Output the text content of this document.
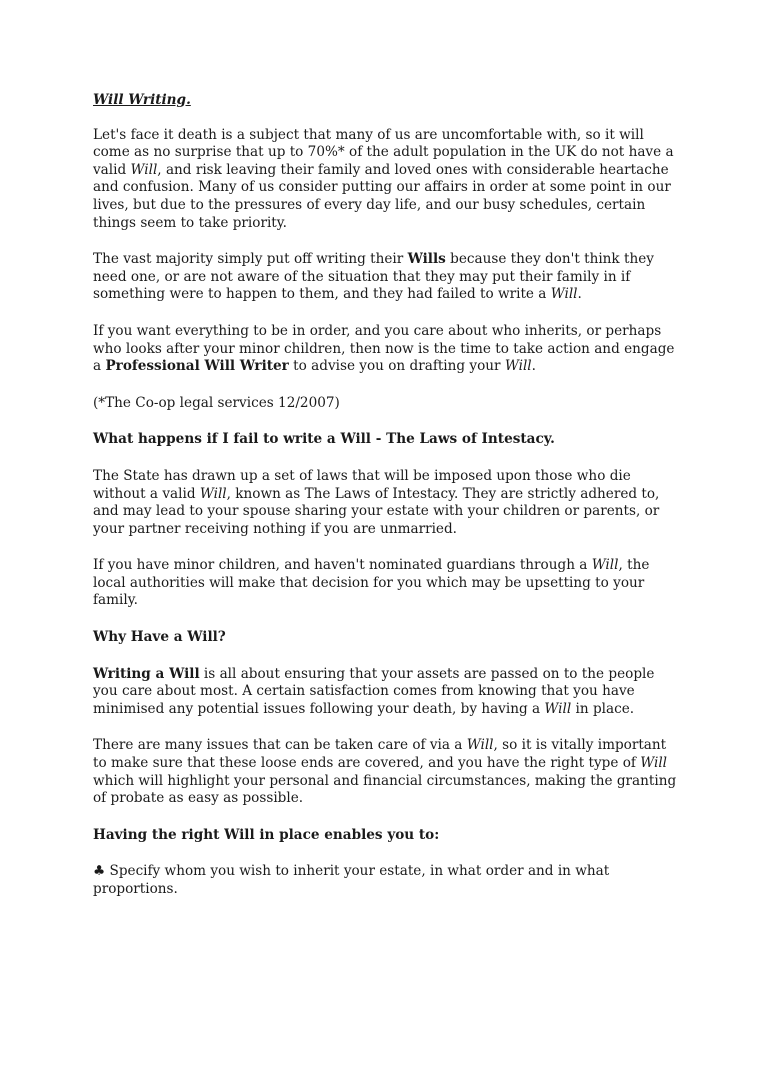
Will Writing.

Let's face it death is a subject that many of us are uncomfortable with, so it will come as no surprise that up to 70%* of the adult population in the UK do not have a valid Will, and risk leaving their family and loved ones with considerable heartache and confusion. Many of us consider putting our affairs in order at some point in our lives, but due to the pressures of every day life, and our busy schedules, certain things seem to take priority.

The vast majority simply put off writing their Wills because they don't think they need one, or are not aware of the situation that they may put their family in if something were to happen to them, and they had failed to write a Will.

If you want everything to be in order, and you care about who inherits, or perhaps who looks after your minor children, then now is the time to take action and engage a Professional Will Writer to advise you on drafting your Will.

(*The Co-op legal services 12/2007)

What happens if I fail to write a Will - The Laws of Intestacy.

The State has drawn up a set of laws that will be imposed upon those who die without a valid Will, known as The Laws of Intestacy. They are strictly adhered to, and may lead to your spouse sharing your estate with your children or parents, or your partner receiving nothing if you are unmarried.

If you have minor children, and haven't nominated guardians through a Will, the local authorities will make that decision for you which may be upsetting to your family.

Why Have a Will?

Writing a Will is all about ensuring that your assets are passed on to the people you care about most. A certain satisfaction comes from knowing that you have minimised any potential issues following your death, by having a Will in place.

There are many issues that can be taken care of via a Will, so it is vitally important to make sure that these loose ends are covered, and you have the right type of Will which will highlight your personal and financial circumstances, making the granting of probate as easy as possible.

Having the right Will in place enables you to:

♣ Specify whom you wish to inherit your estate, in what order and in what proportions.
